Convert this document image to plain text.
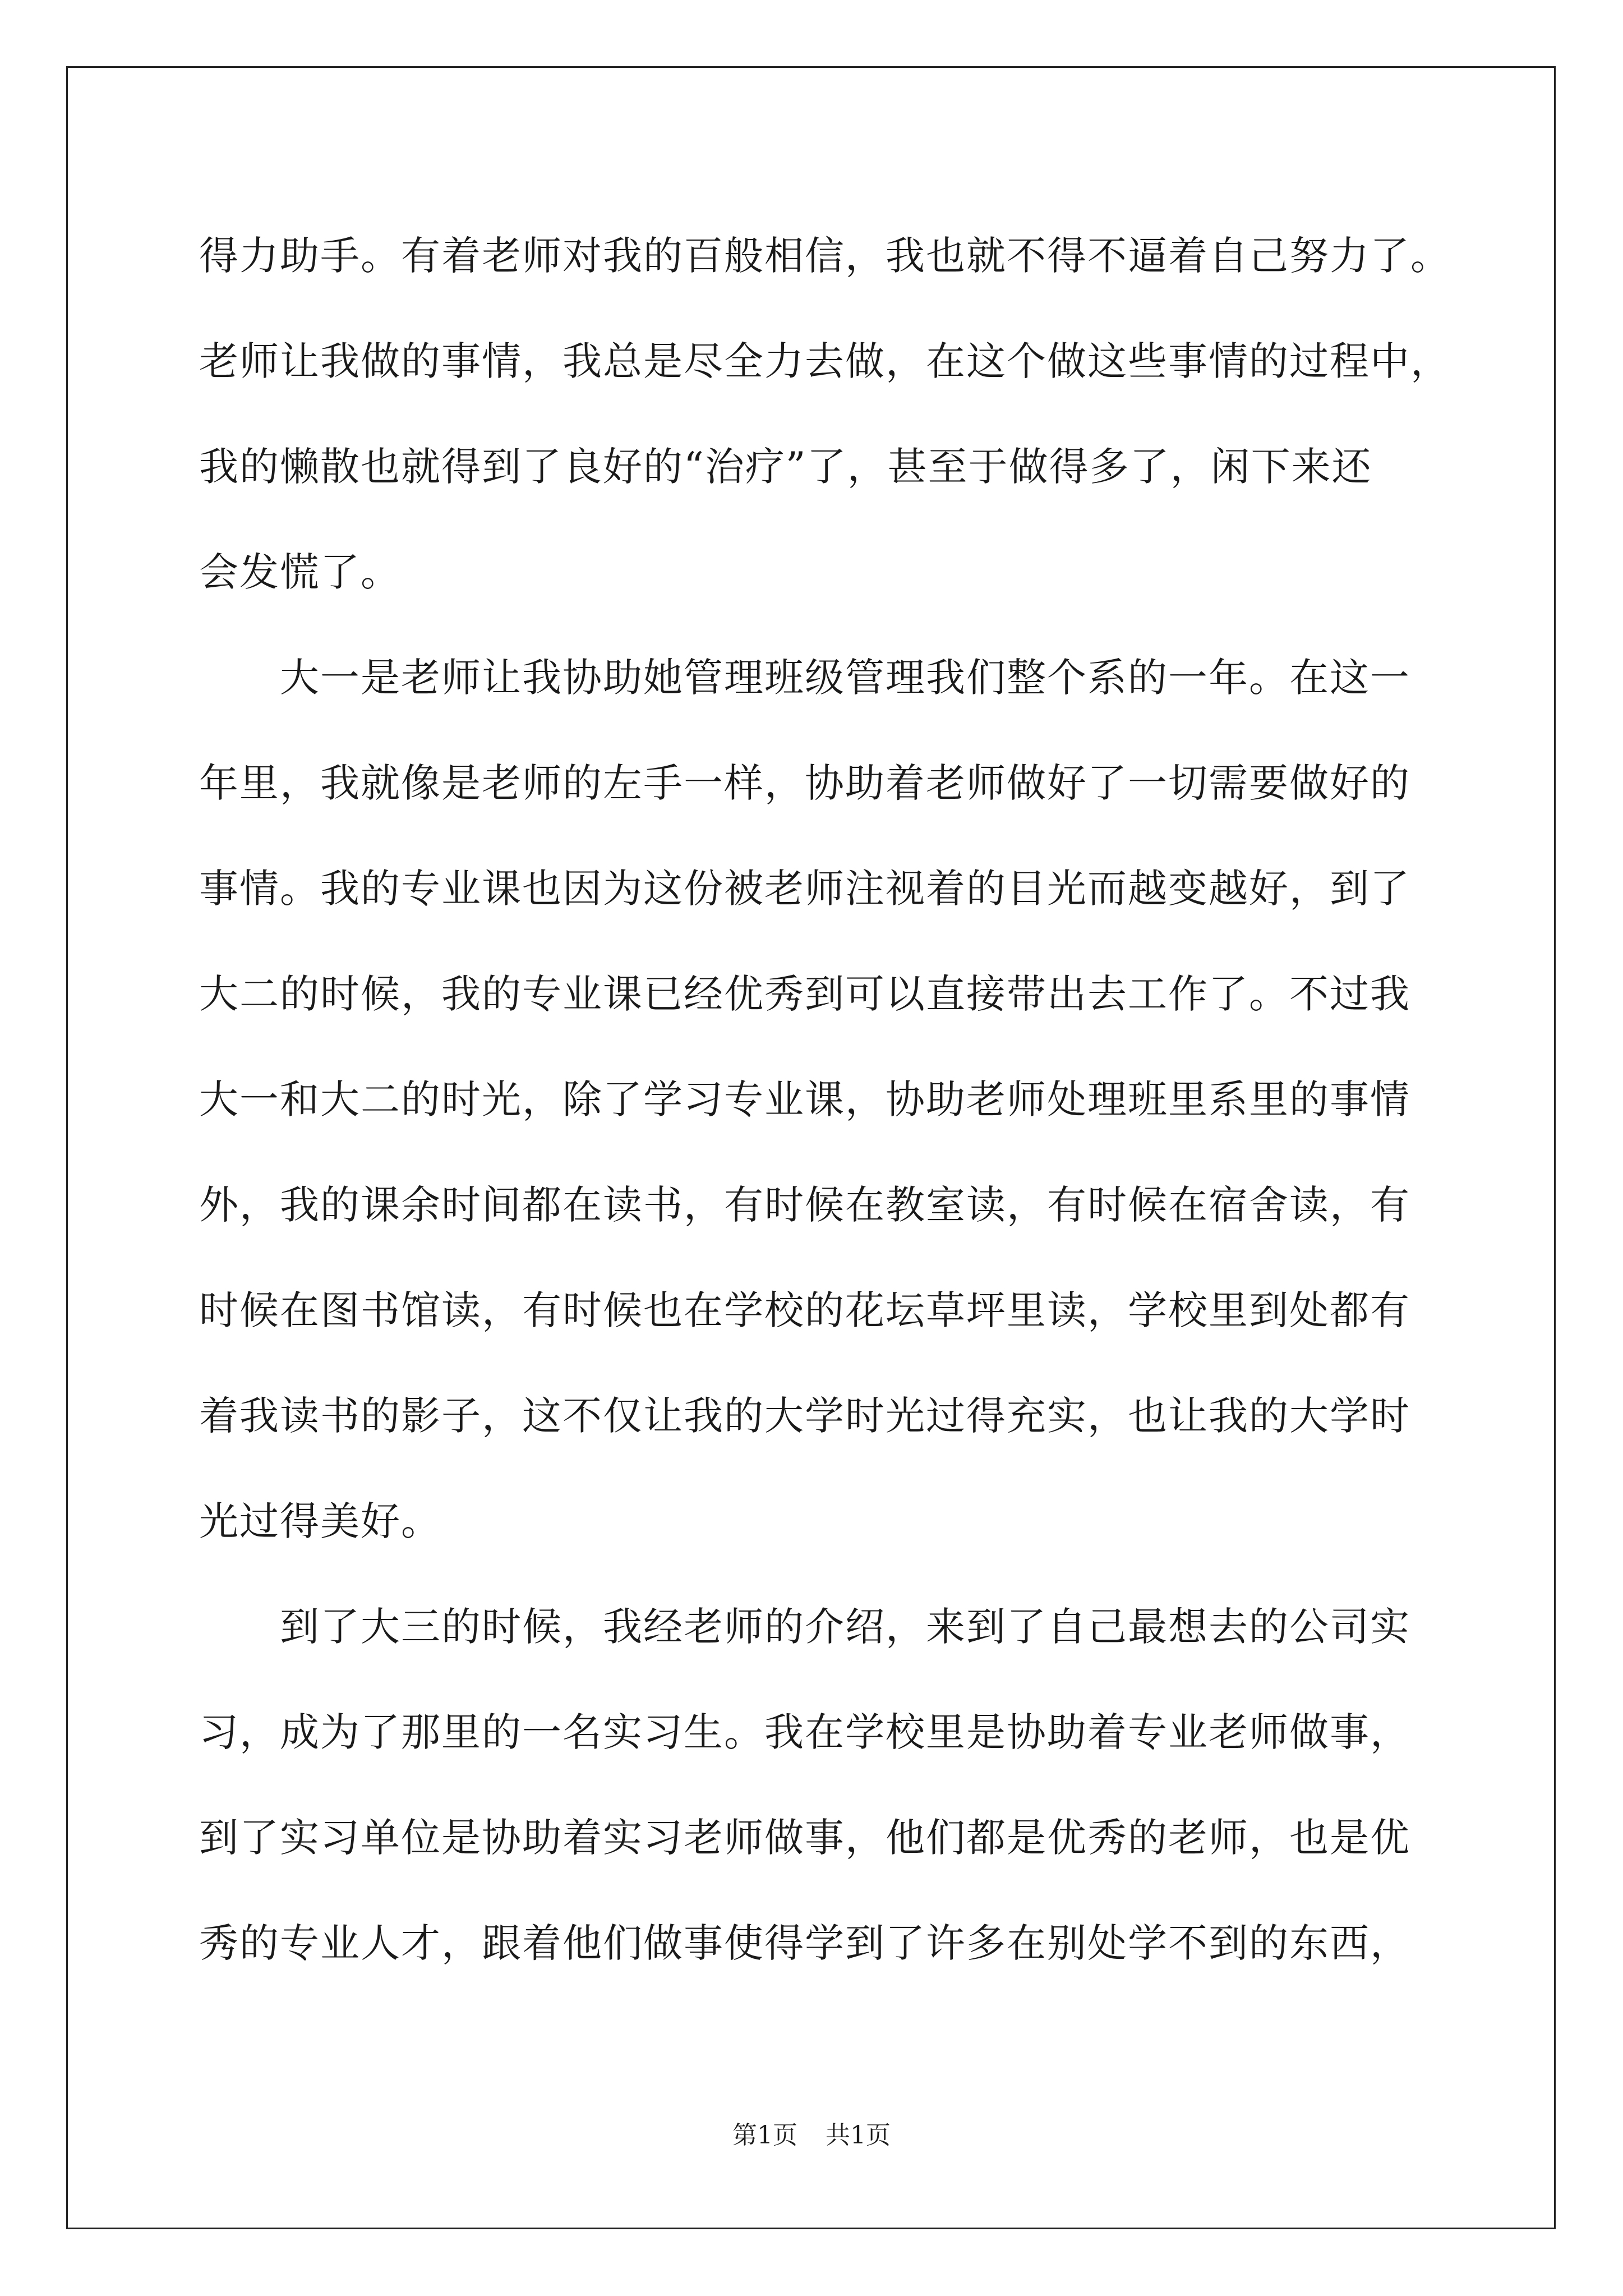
得力助手。有着老师对我的百般相信，我也就不得不逼着自己努力了。
老师让我做的事情，我总是尽全力去做，在这个做这些事情的过程中，
我的懒散也就得到了良好的“治疗”了，甚至于做得多了，闲下来还
会发慌了。
　　大一是老师让我协助她管理班级管理我们整个系的一年。在这一
年里，我就像是老师的左手一样，协助着老师做好了一切需要做好的
事情。我的专业课也因为这份被老师注视着的目光而越变越好，到了
大二的时候，我的专业课已经优秀到可以直接带出去工作了。不过我
大一和大二的时光，除了学习专业课，协助老师处理班里系里的事情
外，我的课余时间都在读书，有时候在教室读，有时候在宿舍读，有
时候在图书馆读，有时候也在学校的花坛草坪里读，学校里到处都有
着我读书的影子，这不仅让我的大学时光过得充实，也让我的大学时
光过得美好。
　　到了大三的时候，我经老师的介绍，来到了自己最想去的公司实
习，成为了那里的一名实习生。我在学校里是协助着专业老师做事，
到了实习单位是协助着实习老师做事，他们都是优秀的老师，也是优
秀的专业人才，跟着他们做事使得学到了许多在别处学不到的东西，
第1页 共1页
